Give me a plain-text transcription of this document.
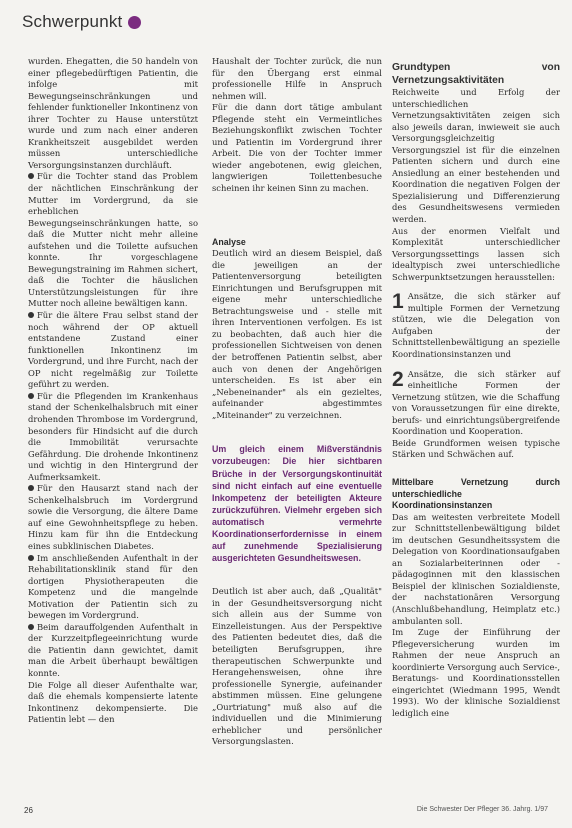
Schwerpunkt

wurden. Ehegatten, die 50 handeln von einer pflegebedürftigen Patientin, die infolge mit Bewegungseinschränkungen und fehlender funktioneller Inkontinenz von ihrer Tochter zu Hause unterstützt wurde und zum nach einer anderen Krankheitszeit ausgebildet werden müssen unterschiedliche Versorgungsinstanzen durchläuft.

Für die Tochter stand das Problem der nächtlichen Einschränkung der Mutter im Vordergrund, da sie erheblichen Bewegungseinschränkungen hatte, so daß die Mutter nicht mehr alleine aufstehen und die Toilette aufsuchen konnte. Ihr vorgeschlagene Bewegungstraining im Rahmen sichert, daß die Tochter die häuslichen Unterstützungsleistungen für ihre Mutter noch alleine bewältigen kann.

Für die ältere Frau selbst stand der noch während der OP aktuell entstandene Zustand einer funktionellen Inkontinenz im Vordergrund, und ihre Furcht, nach der OP nicht regelmäßig zur Toilette geführt zu werden.

Für die Pflegenden im Krankenhaus stand der Schenkelhalsbruch mit einer drohenden Thrombose im Vordergrund, besonders für Hindsicht auf die durch die Immobilität verursachte Gefährdung. Die drohende Inkontinenz und wichtig in den Hintergrund der Aufmerksamkeit.

Für den Hausarzt stand nach der Schenkelhalsbruch im Vordergrund sowie die Versorgung, die ältere Dame auf eine Gewohnheitspflege zu heben. Hinzu kam für ihn die Entdeckung eines subklinischen Diabetes.

Im anschließenden Aufenthalt in der Rehabilitationsklinik stand für den dortigen Physiotherapeuten die Kompetenz und die mangelnde Motivation der Patientin sich zu bewegen im Vordergrund.

Beim darauffolgenden Aufenthalt in der Kurzzeitpflegeeinrichtung wurde die Patientin dann gewichtet, damit man die Arbeit überhaupt bewältigen konnte.

Die Folge all dieser Aufenthalte war, daß die ehemals kompensierte latente Inkontinenz dekompensierte. Die Patientin lebt — den

Haushalt der Tochter zurück, die nun für den Übergang erst einmal professionelle Hilfe in Anspruch nehmen will.

Für die dann dort tätige ambulant Pflegende steht ein Vermeintliches Beziehungskonflikt zwischen Tochter und Patientin im Vordergrund ihrer Arbeit. Die von der Tochter immer wieder angebotenen, ewig gleichen, langwierigen Toilettenbesuche scheinen ihr keinen Sinn zu machen.

Analyse

Deutlich wird an diesem Beispiel, daß die jeweiligen an der Patientenversorgung beteiligten Einrichtungen und Berufsgruppen mit eigene mehr unterschiedliche Betrachtungsweise und - stelle mit ihren Interventionen verfolgen. Es ist zu beobachten, daß auch hier die professionellen Sichtweisen von denen der betroffenen Patientin selbst, aber auch von denen der Angehörigen unterscheiden. Es ist aber ein „Nebeneinander" als ein gezieltes, aufeinander abgestimmtes „Miteinander" zu verzeichnen.

Um gleich einem Mißverständnis vorzubeugen: Die hier sichtbaren Brüche in der Versorgungskontinuität sind nicht einfach auf eine eventuelle Inkompetenz der beteiligten Akteure zurückzuführen. Vielmehr ergeben sich automatisch vermehrte Koordinationserfordernisse in einem auf zunehmende Spezialisierung ausgerichteten Gesundheitswesen.

Deutlich ist aber auch, daß „Qualität" in der Gesundheitsversorgung nicht sich allein aus der Summe von Einzelleistungen. Aus der Perspektive des Patienten bedeutet dies, daß die beteiligten Berufsgruppen, ihre therapeutischen Schwerpunkte und Herangehensweisen, ohne ihre professionelle Synergie, aufeinander abstimmen müssen. Eine gelungene „Ourtriatung" muß also auf die individuellen und die Minimierung erheblicher und persönlicher Versorgungslasten.

Grundtypen von Vernetzungsaktivitäten

Reichweite und Erfolg der unterschiedlichen Vernetzungsaktivitäten zeigen sich also jeweils daran, inwieweit sie auch Versorgungsgleichzeitig Versorgungsziel ist für die einzelnen Patienten sichern und durch eine Ansiedlung an einer bestehenden und Koordination die negativen Folgen der Spezialisierung und Differenzierung des Gesundheitswesens vermieden werden.

Aus der enormen Vielfalt und Komplexität unterschiedlicher Versorgungssettings lassen sich idealtypisch zwei unterschiedliche Schwerpunktsetzungen herausstellen:

1 Ansätze, die sich stärker auf multiple Formen der Vernetzung stützen, wie die Delegation von Aufgaben der Schnittstellenbewältigung an spezielle Koordinationsinstanzen und

2 Ansätze, die sich stärker auf einheitliche Formen der Vernetzung stützen, wie die Schaffung von Voraussetzungen für eine direkte, berufs- und einrichtungsübergreifende Koordination und Kooperation.

Beide Grundformen weisen typische Stärken und Schwächen auf.

Mittelbare Vernetzung durch unterschiedliche Koordinationsinstanzen

Das am weitesten verbreitete Modell zur Schnittstellenbewältigung bildet im deutschen Gesundheitssystem die Delegation von Koordinationsaufgaben an Sozialarbeiterinnen oder -pädagoginnen mit den klassischen Beispiel der klinischen Sozialdienste, der nachstationären Versorgung (Anschlußbehandlung, Heimplatz etc.) ambulanten soll.

Im Zuge der Einführung der Pflegeversicherung wurden im Rahmen der neue Anspruch an koordinierte Versorgung auch Service-, Beratungs- und Koordinationsstellen eingerichtet (Wiedmann 1995, Wendt 1993). Wo der klinische Sozialdienst lediglich eine

26	Die Schwester Der Pfleger 36. Jahrg. 1/97
